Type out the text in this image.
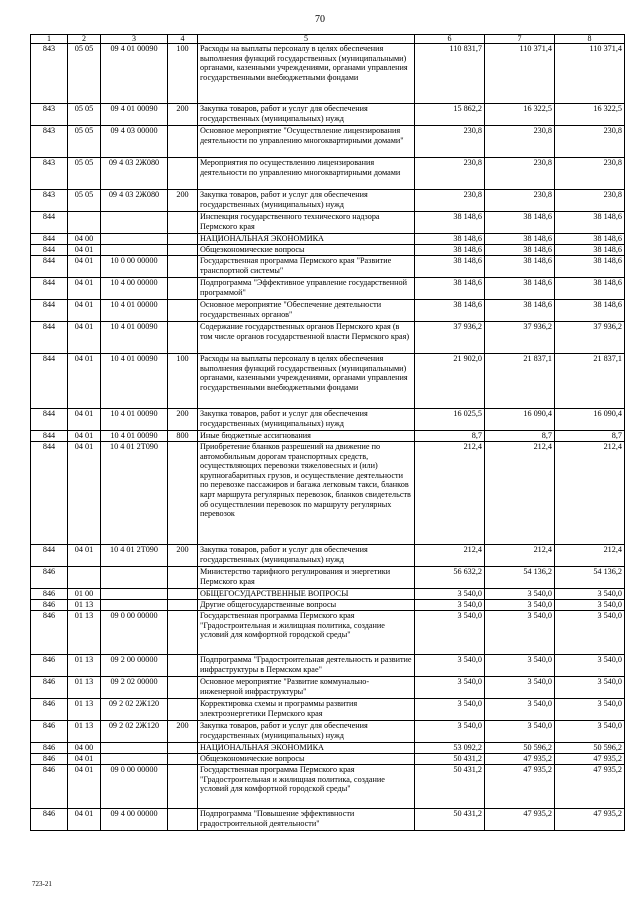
70
1	2	3	4	5	6	7	8
843	05 05	09 4 01 00090	100	Расходы на выплаты персоналу в целях обеспечения выполнения функций государственных (муниципальными) органами, казенными учреждениями, органами управления государственными внебюджетными фондами	110 831,7	110 371,4	110 371,4
843	05 05	09 4 01 00090	200	Закупка товаров, работ и услуг для обеспечения государственных (муниципальных) нужд	15 862,2	16 322,5	16 322,5
843	05 05	09 4 03 00000		Основное мероприятие "Осуществление лицензирования деятельности по управлению многоквартирными домами"	230,8	230,8	230,8
843	05 05	09 4 03 2Ж080		Мероприятия по осуществлению лицензирования деятельности по управлению многоквартирными домами	230,8	230,8	230,8
843	05 05	09 4 03 2Ж080	200	Закупка товаров, работ и услуг для обеспечения государственных (муниципальных) нужд	230,8	230,8	230,8
844				Инспекция государственного технического надзора Пермского края	38 148,6	38 148,6	38 148,6
844	04 00			НАЦИОНАЛЬНАЯ ЭКОНОМИКА	38 148,6	38 148,6	38 148,6
844	04 01			Общеэкономические вопросы	38 148,6	38 148,6	38 148,6
844	04 01	10 0 00 00000		Государственная программа Пермского края "Развитие транспортной системы"	38 148,6	38 148,6	38 148,6
844	04 01	10 4 00 00000		Подпрограмма "Эффективное управление государственной программой"	38 148,6	38 148,6	38 148,6
844	04 01	10 4 01 00000		Основное мероприятие "Обеспечение деятельности государственных органов"	38 148,6	38 148,6	38 148,6
844	04 01	10 4 01 00090		Содержание государственных органов Пермского края (в том числе органов государственной власти Пермского края)	37 936,2	37 936,2	37 936,2
844	04 01	10 4 01 00090	100	Расходы на выплаты персоналу в целях обеспечения выполнения функций государственных (муниципальными) органами, казенными учреждениями, органами управления государственными внебюджетными фондами	21 902,0	21 837,1	21 837,1
844	04 01	10 4 01 00090	200	Закупка товаров, работ и услуг для обеспечения государственных (муниципальных) нужд	16 025,5	16 090,4	16 090,4
844	04 01	10 4 01 00090	800	Иные бюджетные ассигнования	8,7	8,7	8,7
844	04 01	10 4 01 2Т090		Приобретение бланков разрешений на движение по автомобильным дорогам транспортных средств, осуществляющих перевозки тяжеловесных и (или) крупногабаритных грузов, и осуществление деятельности по перевозке пассажиров и багажа легковым такси, бланков карт маршрута регулярных перевозок, бланков свидетельств об осуществлении перевозок по маршруту регулярных перевозок	212,4	212,4	212,4
844	04 01	10 4 01 2Т090	200	Закупка товаров, работ и услуг для обеспечения государственных (муниципальных) нужд	212,4	212,4	212,4
846				Министерство тарифного регулирования и энергетики Пермского края	56 632,2	54 136,2	54 136,2
846	01 00			ОБЩЕГОСУДАРСТВЕННЫЕ ВОПРОСЫ	3 540,0	3 540,0	3 540,0
846	01 13			Другие общегосударственные вопросы	3 540,0	3 540,0	3 540,0
846	01 13	09 0 00 00000		Государственная программа Пермского края "Градостроительная и жилищная политика, создание условий для комфортной городской среды"	3 540,0	3 540,0	3 540,0
846	01 13	09 2 00 00000		Подпрограмма "Градостроительная деятельность и развитие инфраструктуры в Пермском крае"	3 540,0	3 540,0	3 540,0
846	01 13	09 2 02 00000		Основное мероприятие "Развитие коммунально-инженерной инфраструктуры"	3 540,0	3 540,0	3 540,0
846	01 13	09 2 02 2Ж120		Корректировка схемы и программы развития электроэнергетики Пермского края	3 540,0	3 540,0	3 540,0
846	01 13	09 2 02 2Ж120	200	Закупка товаров, работ и услуг для обеспечения государственных (муниципальных) нужд	3 540,0	3 540,0	3 540,0
846	04 00			НАЦИОНАЛЬНАЯ ЭКОНОМИКА	53 092,2	50 596,2	50 596,2
846	04 01			Общеэкономические вопросы	50 431,2	47 935,2	47 935,2
846	04 01	09 0 00 00000		Государственная программа Пермского края "Градостроительная и жилищная политика, создание условий для комфортной городской среды"	50 431,2	47 935,2	47 935,2
846	04 01	09 4 00 00000		Подпрограмма "Повышение эффективности градостроительной деятельности"	50 431,2	47 935,2	47 935,2
723-21
